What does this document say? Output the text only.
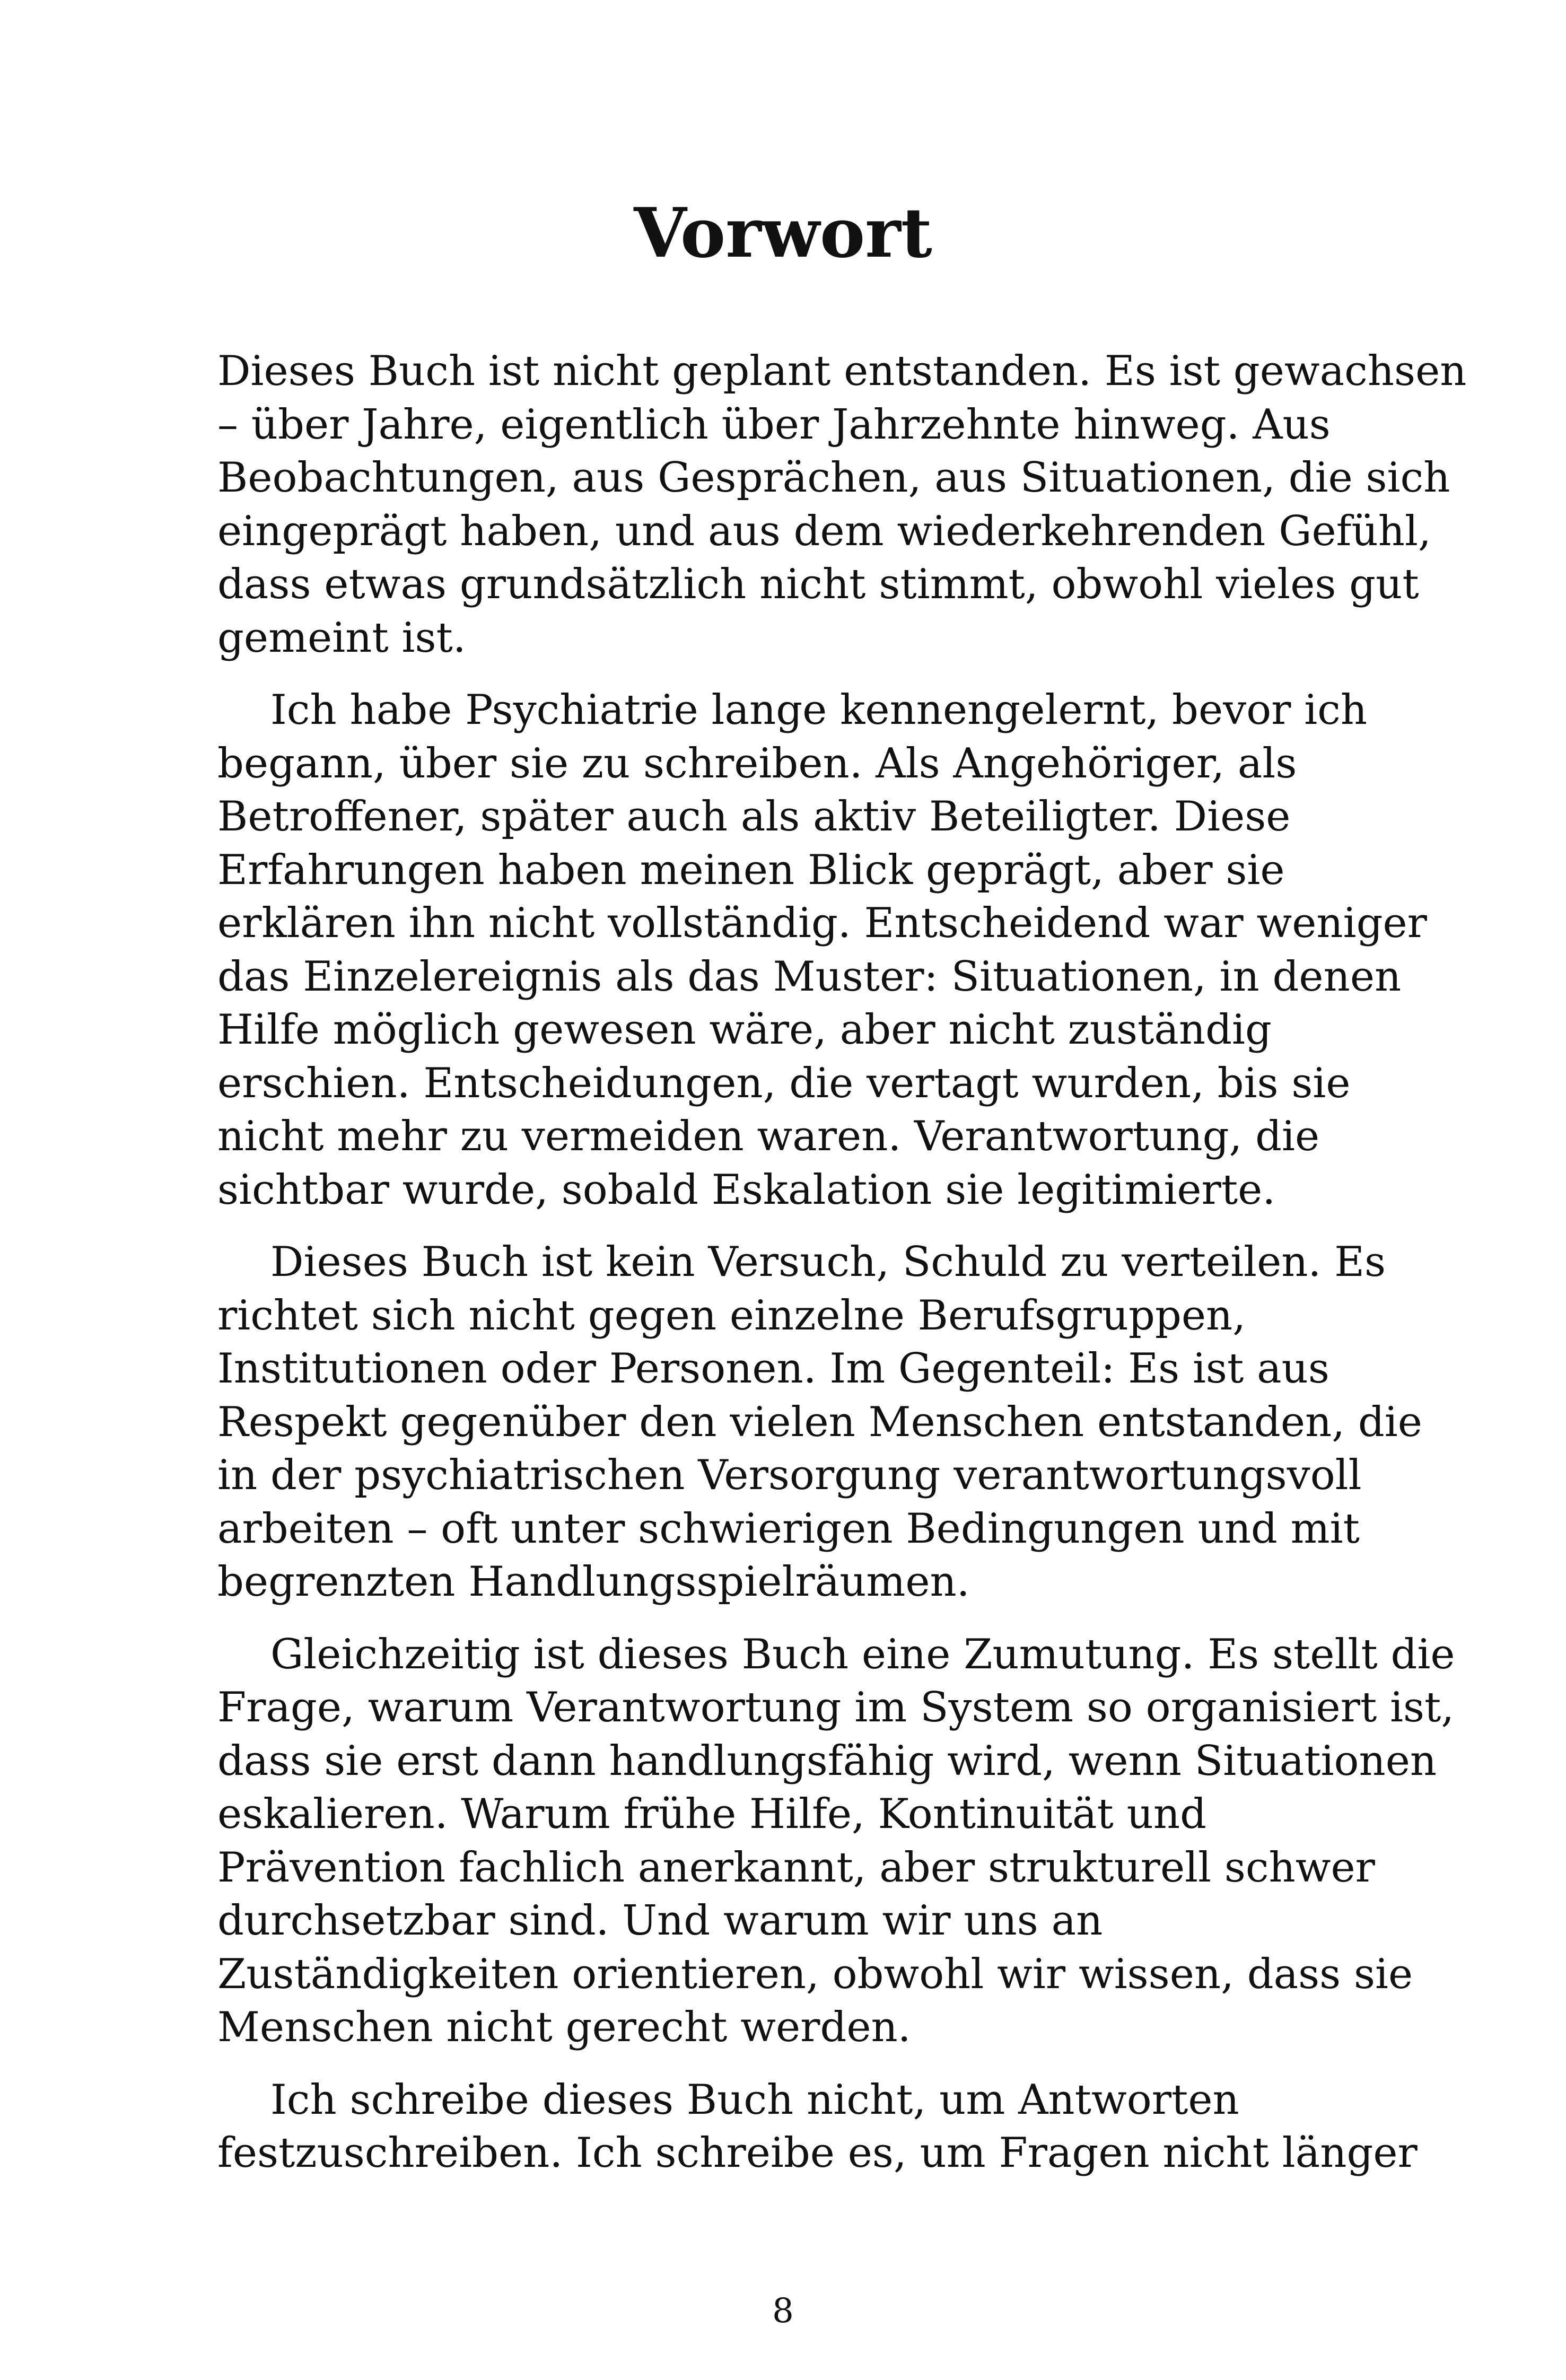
Vorwort

Dieses Buch ist nicht geplant entstanden. Es ist gewachsen
– über Jahre, eigentlich über Jahrzehnte hinweg. Aus
Beobachtungen, aus Gesprächen, aus Situationen, die sich
eingeprägt haben, und aus dem wiederkehrenden Gefühl,
dass etwas grundsätzlich nicht stimmt, obwohl vieles gut
gemeint ist.

Ich habe Psychiatrie lange kennengelernt, bevor ich
begann, über sie zu schreiben. Als Angehöriger, als
Betroffener, später auch als aktiv Beteiligter. Diese
Erfahrungen haben meinen Blick geprägt, aber sie
erklären ihn nicht vollständig. Entscheidend war weniger
das Einzelereignis als das Muster: Situationen, in denen
Hilfe möglich gewesen wäre, aber nicht zuständig
erschien. Entscheidungen, die vertagt wurden, bis sie
nicht mehr zu vermeiden waren. Verantwortung, die
sichtbar wurde, sobald Eskalation sie legitimierte.

Dieses Buch ist kein Versuch, Schuld zu verteilen. Es
richtet sich nicht gegen einzelne Berufsgruppen,
Institutionen oder Personen. Im Gegenteil: Es ist aus
Respekt gegenüber den vielen Menschen entstanden, die
in der psychiatrischen Versorgung verantwortungsvoll
arbeiten – oft unter schwierigen Bedingungen und mit
begrenzten Handlungsspielräumen.

Gleichzeitig ist dieses Buch eine Zumutung. Es stellt die
Frage, warum Verantwortung im System so organisiert ist,
dass sie erst dann handlungsfähig wird, wenn Situationen
eskalieren. Warum frühe Hilfe, Kontinuität und
Prävention fachlich anerkannt, aber strukturell schwer
durchsetzbar sind. Und warum wir uns an
Zuständigkeiten orientieren, obwohl wir wissen, dass sie
Menschen nicht gerecht werden.

Ich schreibe dieses Buch nicht, um Antworten
festzuschreiben. Ich schreibe es, um Fragen nicht länger

8
